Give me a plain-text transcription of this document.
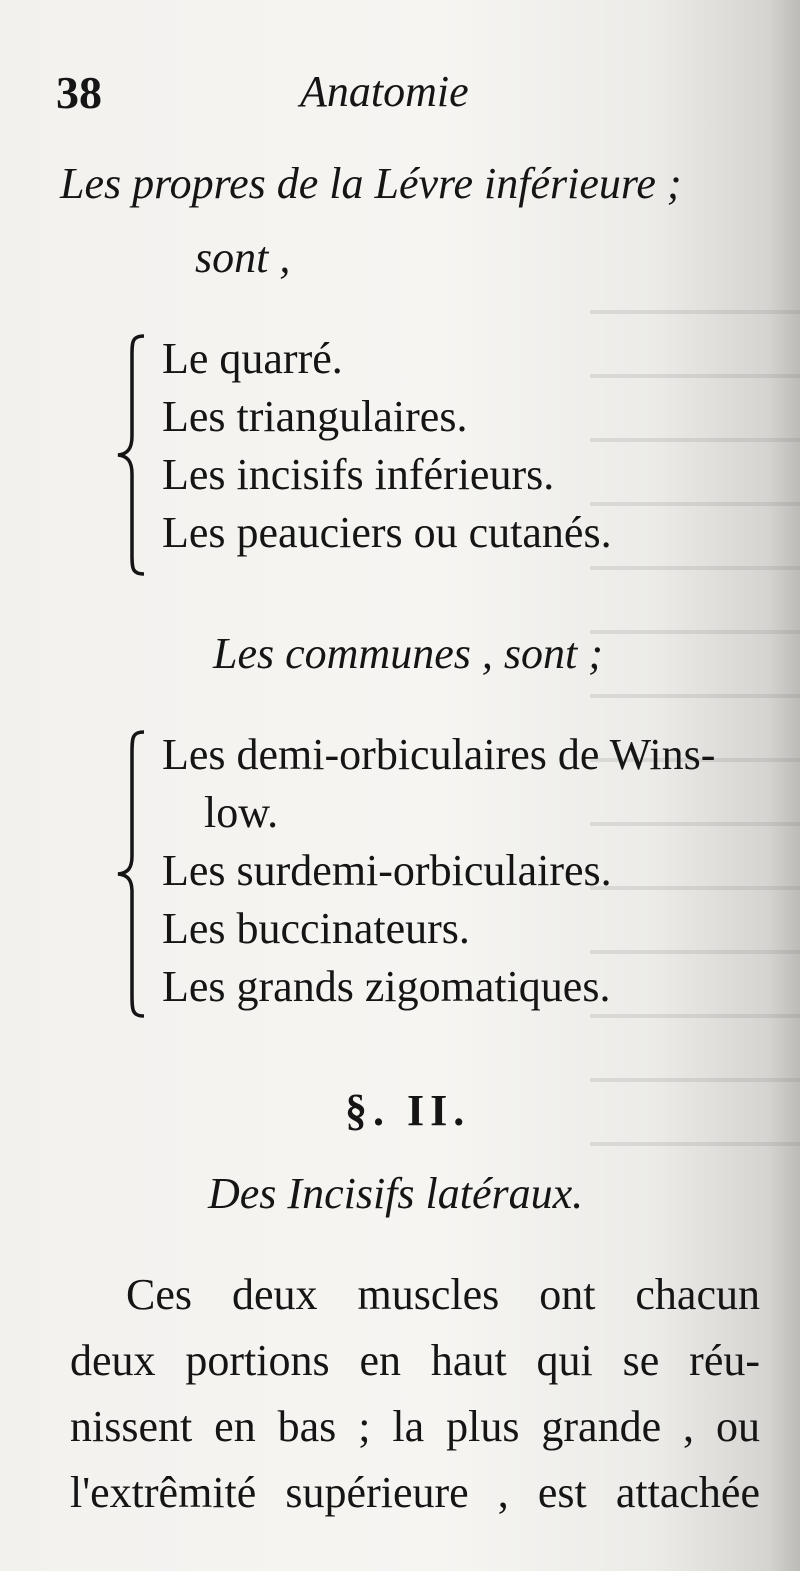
38	Anatomie
Les propres de la Lévre inférieure ;
sont ,
Le quarré.
Les triangulaires.
Les incisifs inférieurs.
Les peauciers ou cutanés.
Les communes , sont ;
Les demi-orbiculaires de Wins-
low.
Les surdemi-orbiculaires.
Les buccinateurs.
Les grands zigomatiques.
§. II.
Des Incisifs latéraux.
Ces deux muscles ont chacun
deux portions en haut qui se réu-
nissent en bas ; la plus grande , ou
l'extrêmité supérieure , est attachée
